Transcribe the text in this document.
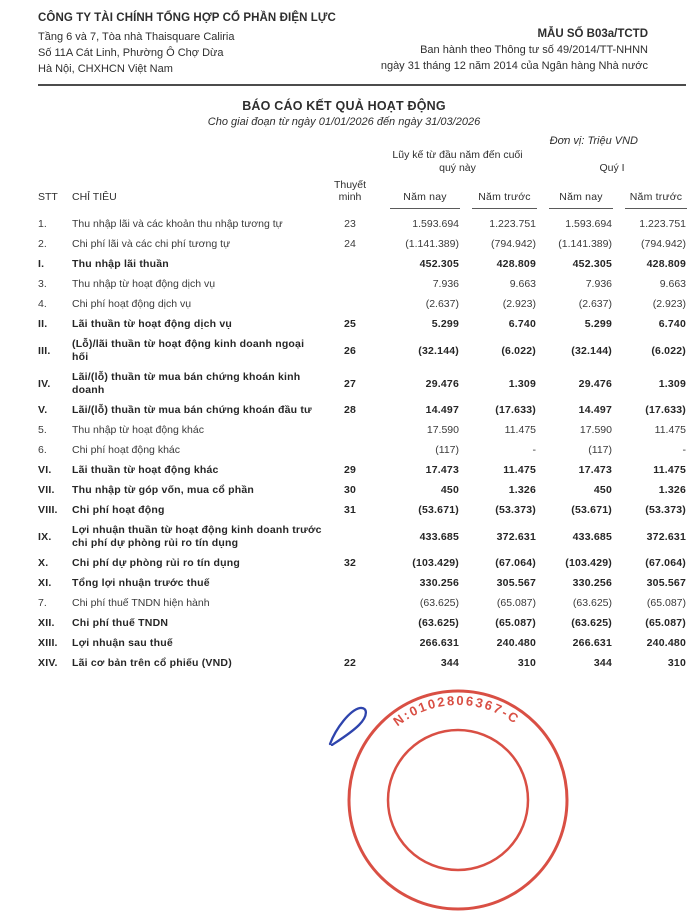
CÔNG TY TÀI CHÍNH TỔNG HỢP CỔ PHẦN ĐIỆN LỰC
Tầng 6 và 7, Tòa nhà Thaisquare Caliria
Số 11A Cát Linh, Phường Ô Chợ Dừa
Hà Nội, CHXHCN Việt Nam
MẪU SỐ B03a/TCTD
Ban hành theo Thông tư số 49/2014/TT-NHNN
ngày 31 tháng 12 năm 2014 của Ngân hàng Nhà nước
BÁO CÁO KẾT QUẢ HOẠT ĐỘNG
Cho giai đoạn từ ngày 01/01/2026 đến ngày 31/03/2026
Đơn vị: Triệu VND
			Lũy kế từ đầu năm đến cuối quý này		Quý I	
STT	CHỈ TIÊU	Thuyết minh	Năm nay	Năm trước	Năm nay	Năm trước

1.	Thu nhập lãi và các khoản thu nhập tương tự	23	1.593.694	1.223.751	1.593.694	1.223.751
2.	Chi phí lãi và các chi phí tương tự	24	(1.141.389)	(794.942)	(1.141.389)	(794.942)
I.	Thu nhập lãi thuần		452.305	428.809	452.305	428.809
3.	Thu nhập từ hoạt động dịch vụ		7.936	9.663	7.936	9.663
4.	Chi phí hoạt động dịch vụ		(2.637)	(2.923)	(2.637)	(2.923)
II.	Lãi thuần từ hoạt động dịch vụ	25	5.299	6.740	5.299	6.740
III.	(Lỗ)/lãi thuần từ hoạt động kinh doanh ngoại hối	26	(32.144)	(6.022)	(32.144)	(6.022)
IV.	Lãi/(lỗ) thuần từ mua bán chứng khoán kinh doanh	27	29.476	1.309	29.476	1.309
V.	Lãi/(lỗ) thuần từ mua bán chứng khoán đầu tư	28	14.497	(17.633)	14.497	(17.633)
5.	Thu nhập từ hoạt động khác		17.590	11.475	17.590	11.475
6.	Chi phí hoạt động khác		(117)	-	(117)	-
VI.	Lãi thuần từ hoạt động khác	29	17.473	11.475	17.473	11.475
VII.	Thu nhập từ góp vốn, mua cổ phần	30	450	1.326	450	1.326
VIII.	Chi phí hoạt động	31	(53.671)	(53.373)	(53.671)	(53.373)
IX.	Lợi nhuận thuần từ hoạt động kinh doanh trước chi phí dự phòng rủi ro tín dụng		433.685	372.631	433.685	372.631
X.	Chi phí dự phòng rủi ro tín dụng	32	(103.429)	(67.064)	(103.429)	(67.064)
XI.	Tổng lợi nhuận trước thuế		330.256	305.567	330.256	305.567
7.	Chi phí thuế TNDN hiện hành		(63.625)	(65.087)	(63.625)	(65.087)
XII.	Chi phí thuế TNDN		(63.625)	(65.087)	(63.625)	(65.087)
XIII.	Lợi nhuận sau thuế		266.631	240.480	266.631	240.480
XIV.	Lãi cơ bản trên cổ phiếu (VND)	22	344	310	344	310
N:0102806367-C
